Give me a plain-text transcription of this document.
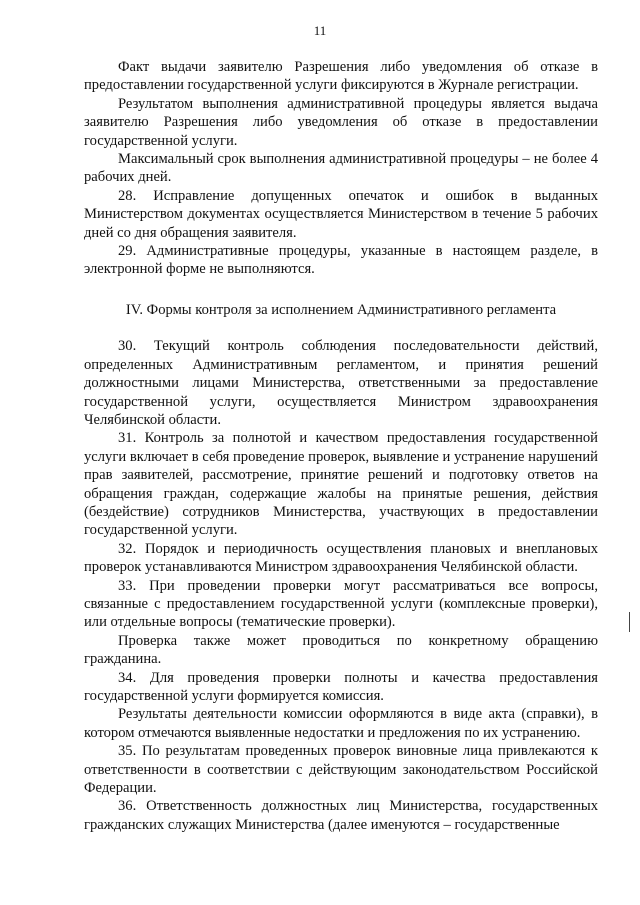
11

Факт выдачи заявителю Разрешения либо уведомления об отказе в предоставлении государственной услуги фиксируются в Журнале регистрации.

Результатом выполнения административной процедуры является выдача заявителю Разрешения либо уведомления об отказе в предоставлении государственной услуги.

Максимальный срок выполнения административной процедуры – не более 4 рабочих дней.

28. Исправление допущенных опечаток и ошибок в выданных Министерством документах осуществляется Министерством в течение 5 рабочих дней со дня обращения заявителя.

29. Административные процедуры, указанные в настоящем разделе, в электронной форме не выполняются.

IV. Формы контроля за исполнением Административного регламента

30. Текущий контроль соблюдения последовательности действий, определенных Административным регламентом, и принятия решений должностными лицами Министерства, ответственными за предоставление государственной услуги, осуществляется Министром здравоохранения Челябинской области.

31. Контроль за полнотой и качеством предоставления государственной услуги включает в себя проведение проверок, выявление и устранение нарушений прав заявителей, рассмотрение, принятие решений и подготовку ответов на обращения граждан, содержащие жалобы на принятые решения, действия (бездействие) сотрудников Министерства, участвующих в предоставлении государственной услуги.

32. Порядок и периодичность осуществления плановых и внеплановых проверок устанавливаются Министром здравоохранения Челябинской области.

33. При проведении проверки могут рассматриваться все вопросы, связанные с предоставлением государственной услуги (комплексные проверки), или отдельные вопросы (тематические проверки).

Проверка также может проводиться по конкретному обращению гражданина.

34. Для проведения проверки полноты и качества предоставления государственной услуги формируется комиссия.

Результаты деятельности комиссии оформляются в виде акта (справки), в котором отмечаются выявленные недостатки и предложения по их устранению.

35. По результатам проведенных проверок виновные лица привлекаются к ответственности в соответствии с действующим законодательством Российской Федерации.

36. Ответственность должностных лиц Министерства, государственных гражданских служащих Министерства (далее именуются – государственные
